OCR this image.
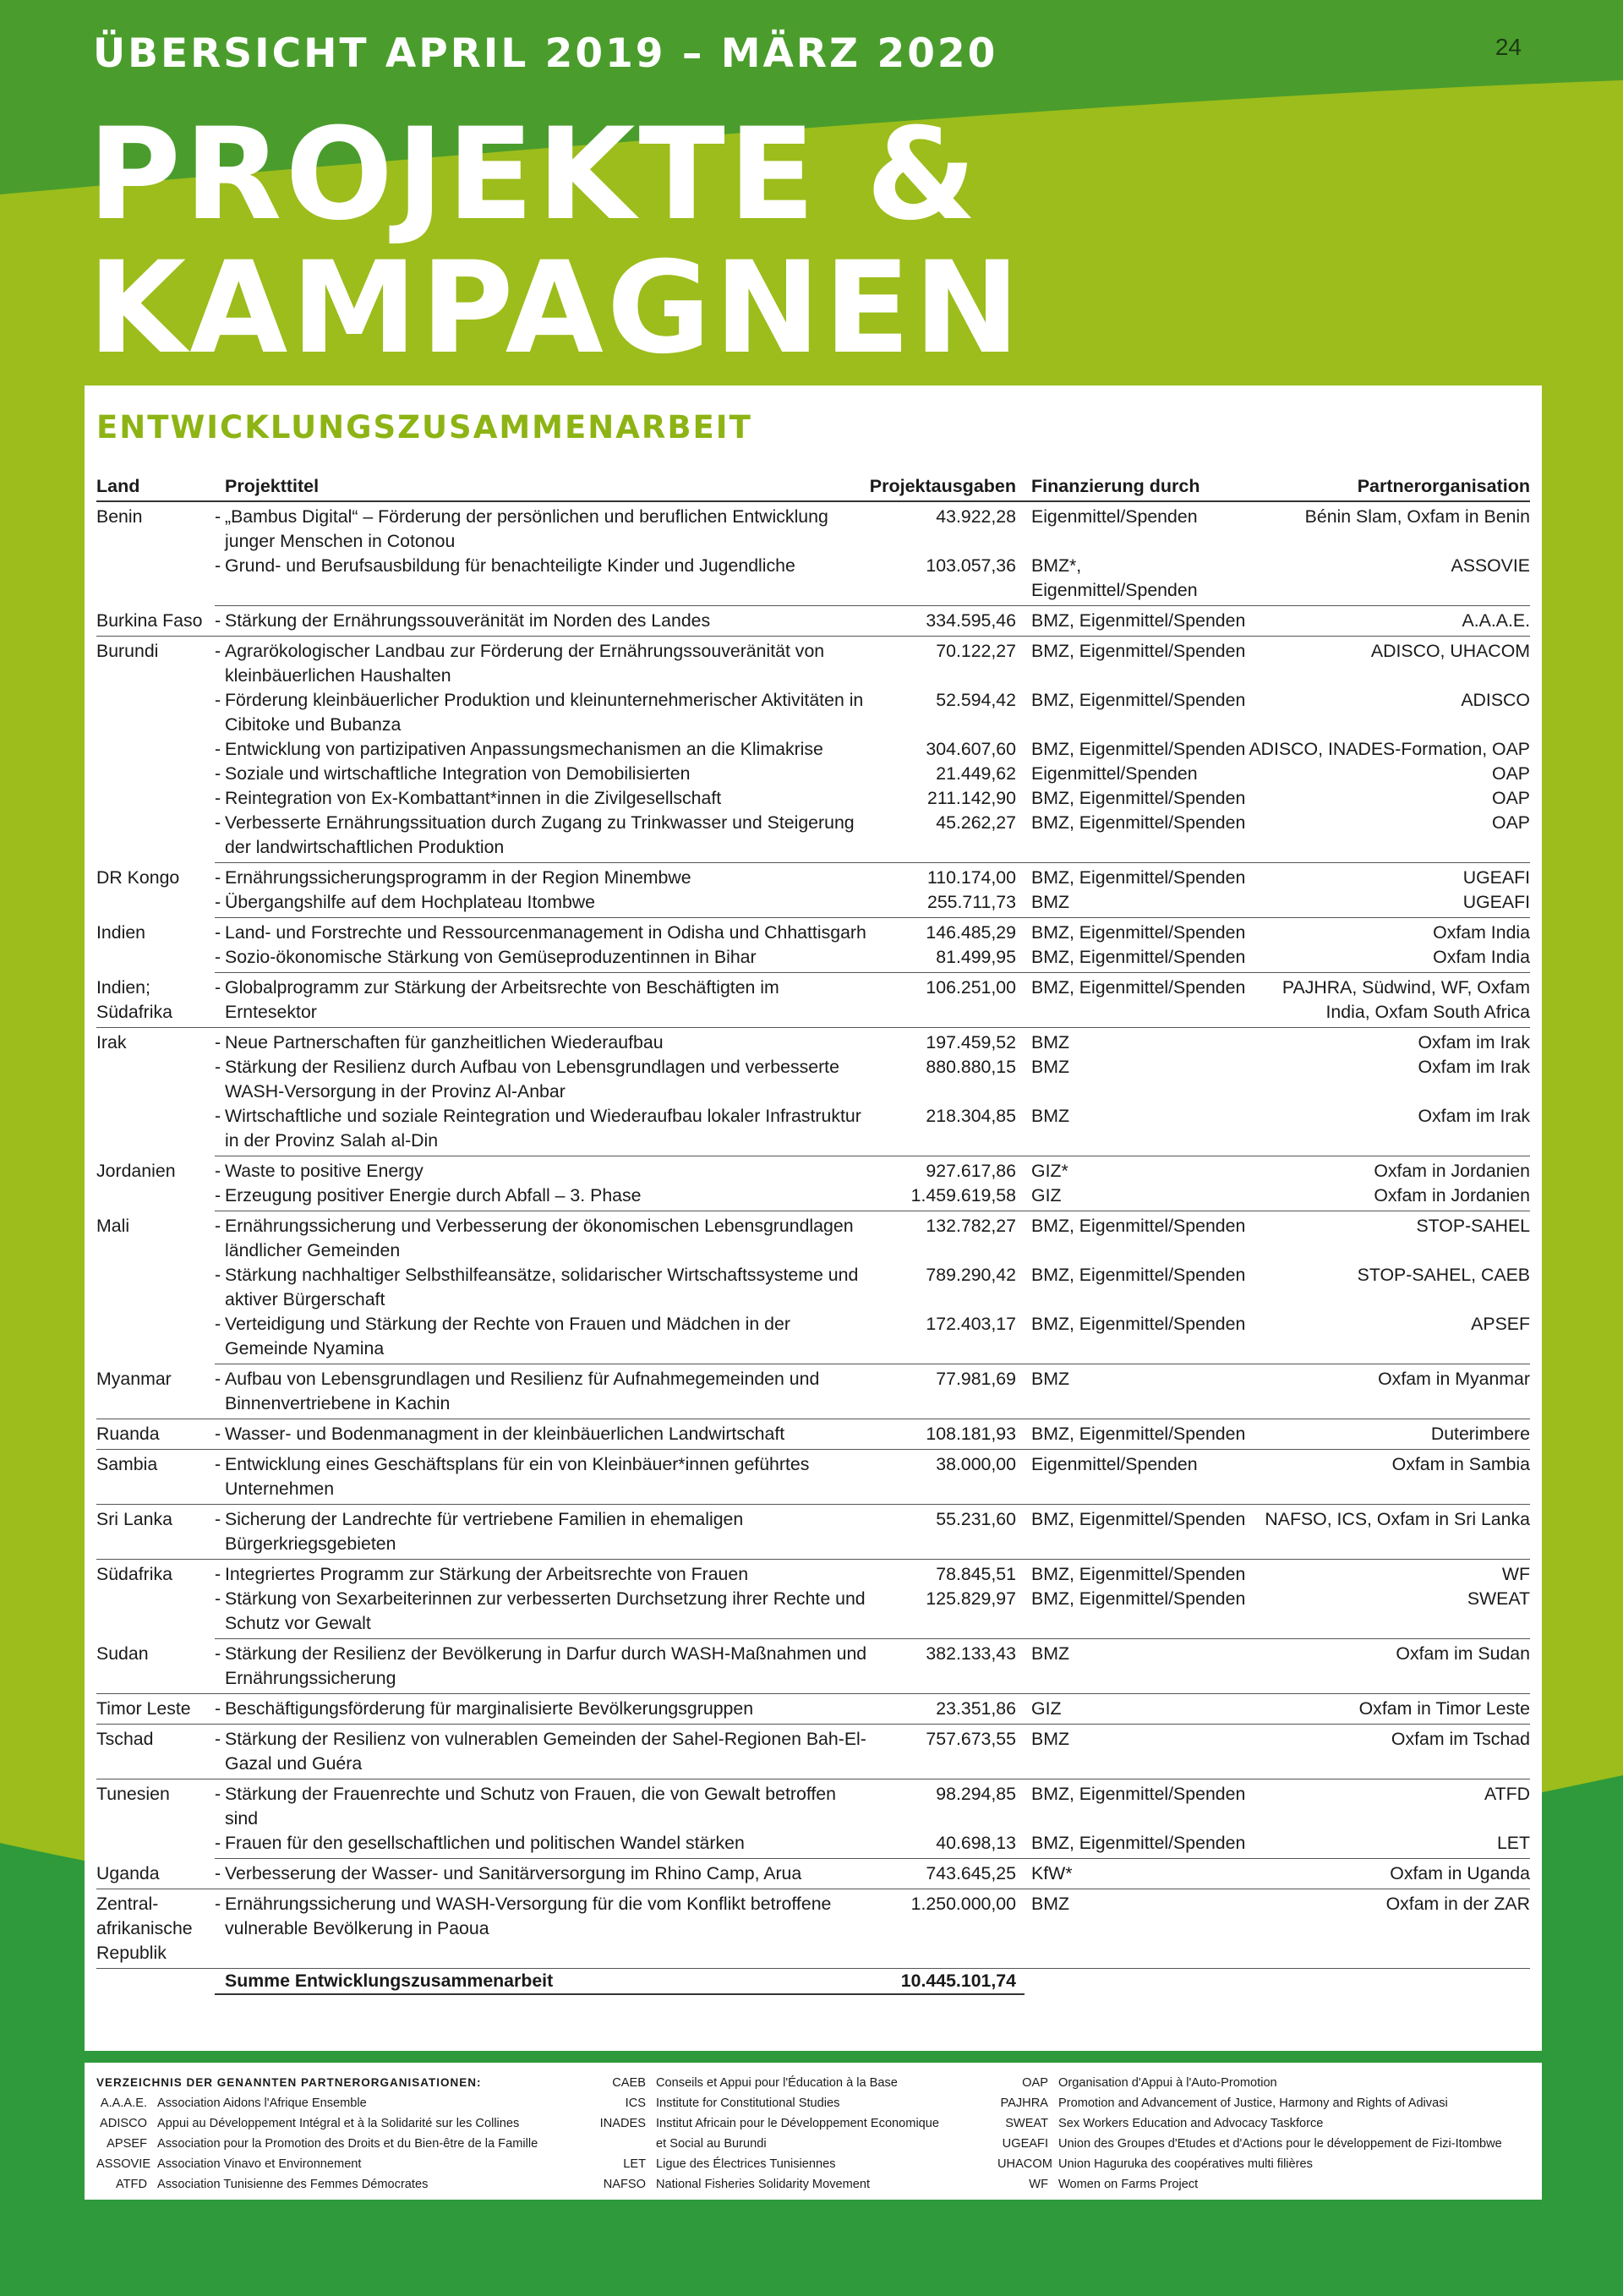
ÜBERSICHT APRIL 2019 – MÄRZ 2020	24
PROJEKTE &
KAMPAGNEN
ENTWICKLUNGSZUSAMMENARBEIT
Land	Projekttitel	Projektausgaben	Finanzierung durch	Partnerorganisation
Benin	- „Bambus Digital“ – Förderung der persönlichen und beruflichen Entwicklung junger Menschen in Cotonou	43.922,28	Eigenmittel/Spenden	Bénin Slam, Oxfam in Benin

	- Grund- und Berufsausbildung für benachteiligte Kinder und Jugendliche	103.057,36	BMZ*, Eigenmittel/Spenden	ASSOVIE
Burkina Faso	- Stärkung der Ernährungssouveränität im Norden des Landes	334.595,46	BMZ, Eigenmittel/Spenden	A.A.A.E.
Burundi	- Agrarökologischer Landbau zur Förderung der Ernährungssouveränität von kleinbäuerlichen Haushalten	70.122,27	BMZ, Eigenmittel/Spenden	ADISCO, UHACOM

	- Förderung kleinbäuerlicher Produktion und kleinunternehmerischer Aktivitäten in Cibitoke und Bubanza	52.594,42	BMZ, Eigenmittel/Spenden	ADISCO

	- Entwicklung von partizipativen Anpassungsmechanismen an die Klimakrise	304.607,60	BMZ, Eigenmittel/Spenden	ADISCO, INADES-Formation, OAP

	- Soziale und wirtschaftliche Integration von Demobilisierten	21.449,62	Eigenmittel/Spenden	OAP

	- Reintegration von Ex-Kombattant*innen in die Zivilgesellschaft	211.142,90	BMZ, Eigenmittel/Spenden	OAP

	- Verbesserte Ernährungssituation durch Zugang zu Trinkwasser und Steigerung der landwirtschaftlichen Produktion	45.262,27	BMZ, Eigenmittel/Spenden	OAP
DR Kongo	- Ernährungssicherungsprogramm in der Region Minembwe	110.174,00	BMZ, Eigenmittel/Spenden	UGEAFI

	- Übergangshilfe auf dem Hochplateau Itombwe	255.711,73	BMZ	UGEAFI
Indien	- Land- und Forstrechte und Ressourcenmanagement in Odisha und Chhattisgarh	146.485,29	BMZ, Eigenmittel/Spenden	Oxfam India

	- Sozio-ökonomische Stärkung von Gemüseproduzentinnen in Bihar	81.499,95	BMZ, Eigenmittel/Spenden	Oxfam India
Indien; Südafrika	- Globalprogramm zur Stärkung der Arbeitsrechte von Beschäftigten im Erntesektor	106.251,00	BMZ, Eigenmittel/Spenden	PAJHRA, Südwind, WF, Oxfam India, Oxfam South Africa
Irak	- Neue Partnerschaften für ganzheitlichen Wiederaufbau	197.459,52	BMZ	Oxfam im Irak

	- Stärkung der Resilienz durch Aufbau von Lebensgrundlagen und verbesserte WASH-Versorgung in der Provinz Al-Anbar	880.880,15	BMZ	Oxfam im Irak

	- Wirtschaftliche und soziale Reintegration und Wiederaufbau lokaler Infrastruktur in der Provinz Salah al-Din	218.304,85	BMZ	Oxfam im Irak
Jordanien	- Waste to positive Energy	927.617,86	GIZ*	Oxfam in Jordanien

	- Erzeugung positiver Energie durch Abfall – 3. Phase	1.459.619,58	GIZ	Oxfam in Jordanien
Mali	- Ernährungssicherung und Verbesserung der ökonomischen Lebensgrundlagen ländlicher Gemeinden	132.782,27	BMZ, Eigenmittel/Spenden	STOP-SAHEL

	- Stärkung nachhaltiger Selbsthilfeansätze, solidarischer Wirtschaftssysteme und aktiver Bürgerschaft	789.290,42	BMZ, Eigenmittel/Spenden	STOP-SAHEL, CAEB

	- Verteidigung und Stärkung der Rechte von Frauen und Mädchen in der Gemeinde Nyamina	172.403,17	BMZ, Eigenmittel/Spenden	APSEF
Myanmar	- Aufbau von Lebensgrundlagen und Resilienz für Aufnahmegemeinden und Binnenvertriebene in Kachin	77.981,69	BMZ	Oxfam in Myanmar
Ruanda	- Wasser- und Bodenmanagment in der kleinbäuerlichen Landwirtschaft	108.181,93	BMZ, Eigenmittel/Spenden	Duterimbere
Sambia	- Entwicklung eines Geschäftsplans für ein von Kleinbäuer*innen geführtes Unternehmen	38.000,00	Eigenmittel/Spenden	Oxfam in Sambia
Sri Lanka	- Sicherung der Landrechte für vertriebene Familien in ehemaligen Bürgerkriegsgebieten	55.231,60	BMZ, Eigenmittel/Spenden	NAFSO, ICS, Oxfam in Sri Lanka
Südafrika	- Integriertes Programm zur Stärkung der Arbeitsrechte von Frauen	78.845,51	BMZ, Eigenmittel/Spenden	WF

	- Stärkung von Sexarbeiterinnen zur verbesserten Durchsetzung ihrer Rechte und Schutz vor Gewalt	125.829,97	BMZ, Eigenmittel/Spenden	SWEAT
Sudan	- Stärkung der Resilienz der Bevölkerung in Darfur durch WASH-Maßnahmen und Ernährungssicherung	382.133,43	BMZ	Oxfam im Sudan
Timor Leste	- Beschäftigungsförderung für marginalisierte Bevölkerungsgruppen	23.351,86	GIZ	Oxfam in Timor Leste
Tschad	- Stärkung der Resilienz von vulnerablen Gemeinden der Sahel-Regionen Bah-El-Gazal und Guéra	757.673,55	BMZ	Oxfam im Tschad
Tunesien	- Stärkung der Frauenrechte und Schutz von Frauen, die von Gewalt betroffen sind	98.294,85	BMZ, Eigenmittel/Spenden	ATFD

	- Frauen für den gesellschaftlichen und politischen Wandel stärken	40.698,13	BMZ, Eigenmittel/Spenden	LET
Uganda	- Verbesserung der Wasser- und Sanitärversorgung im Rhino Camp, Arua	743.645,25	KfW*	Oxfam in Uganda
Zentral-afrikanische Republik	- Ernährungssicherung und WASH-Versorgung für die vom Konflikt betroffene vulnerable Bevölkerung in Paoua	1.250.000,00	BMZ	Oxfam in der ZAR
	Summe Entwicklungszusammenarbeit	10.445.101,74		
VERZEICHNIS DER GENANNTEN PARTNERORGANISATIONEN:
A.A.A.E. Association Aidons l'Afrique Ensemble
ADISCO Appui au Développement Intégral et à la Solidarité sur les Collines
APSEF Association pour la Promotion des Droits et du Bien-être de la Famille
ASSOVIE Association Vinavo et Environnement
ATFD Association Tunisienne des Femmes Démocrates
CAEB Conseils et Appui pour l'Éducation à la Base
ICS Institute for Constitutional Studies
INADES Institut Africain pour le Développement Economique
et Social au Burundi
LET Ligue des Électrices Tunisiennes
NAFSO National Fisheries Solidarity Movement
OAP Organisation d'Appui à l'Auto-Promotion
PAJHRA Promotion and Advancement of Justice, Harmony and Rights of Adivasi
SWEAT Sex Workers Education and Advocacy Taskforce
UGEAFI Union des Groupes d'Etudes et d'Actions pour le développement de Fizi-Itombwe
UHACOM Union Haguruka des coopératives multi filières
WF Women on Farms Project
